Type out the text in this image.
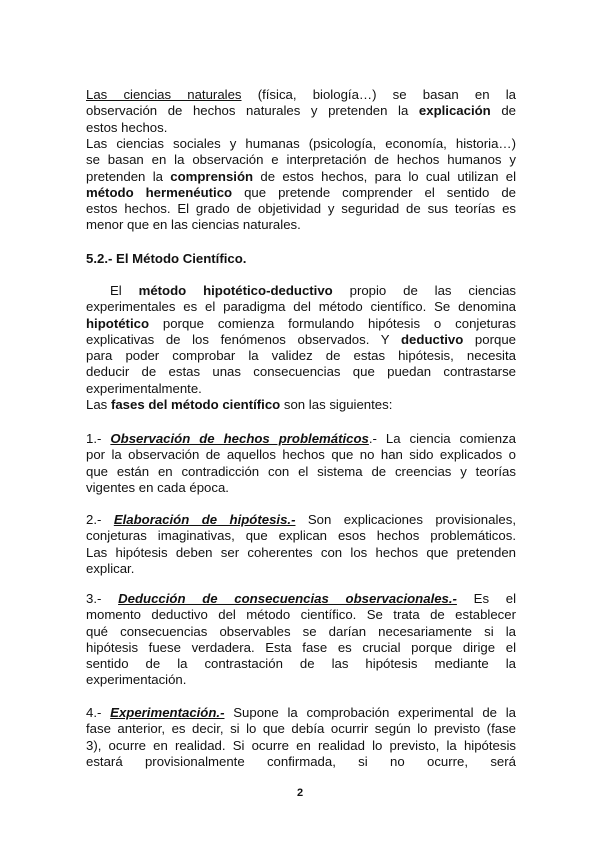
Las ciencias naturales (física, biología…) se basan en la
observación de hechos naturales y pretenden la explicación de
estos hechos.
Las ciencias sociales y humanas (psicología, economía, historia…)
se basan en la observación e interpretación de hechos humanos y
pretenden la comprensión de estos hechos, para lo cual utilizan el
método hermenéutico que pretende comprender el sentido de
estos hechos. El grado de objetividad y seguridad de sus teorías es
menor que en las ciencias naturales.
5.2.- El Método Científico.
El método hipotético-deductivo propio de las ciencias
experimentales es el paradigma del método científico. Se denomina
hipotético porque comienza formulando hipótesis o conjeturas
explicativas de los fenómenos observados. Y deductivo porque
para poder comprobar la validez de estas hipótesis, necesita
deducir de estas unas consecuencias que puedan contrastarse
experimentalmente.
Las fases del método científico son las siguientes:
1.- Observación de hechos problemáticos.- La ciencia comienza
por la observación de aquellos hechos que no han sido explicados o
que están en contradicción con el sistema de creencias y teorías
vigentes en cada época.
2.- Elaboración de hipótesis.- Son explicaciones provisionales,
conjeturas imaginativas, que explican esos hechos problemáticos.
Las hipótesis deben ser coherentes con los hechos que pretenden
explicar.
3.- Deducción de consecuencias observacionales.- Es el
momento deductivo del método científico. Se trata de establecer
qué consecuencias observables se darían necesariamente si la
hipótesis fuese verdadera. Esta fase es crucial porque dirige el
sentido de la contrastación de las hipótesis mediante la
experimentación.
4.- Experimentación.- Supone la comprobación experimental de la
fase anterior, es decir, si lo que debía ocurrir según lo previsto (fase
3), ocurre en realidad. Si ocurre en realidad lo previsto, la hipótesis
estará provisionalmente confirmada, si no ocurre, será
2
